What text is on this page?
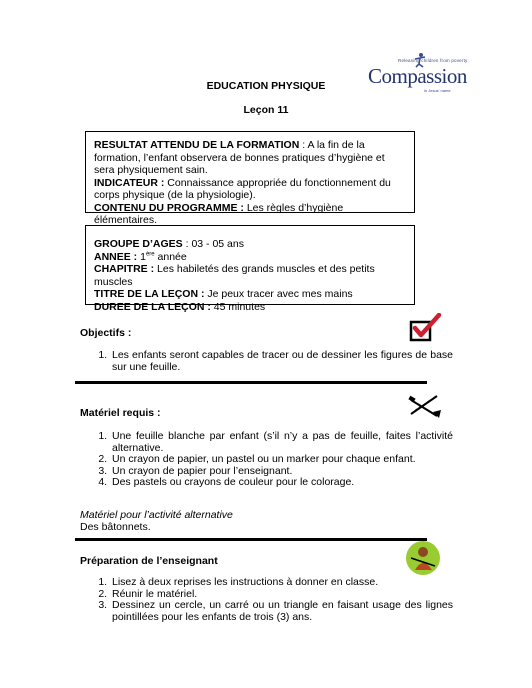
EDUCATION PHYSIQUE
Leçon 11
Releasing children from poverty
Compassion
in Jesus' name
RESULTAT ATTENDU DE LA FORMATION : A la fin de la formation, l’enfant observera de bonnes pratiques d’hygiène et sera physiquement sain.
INDICATEUR : Connaissance appropriée du fonctionnement du corps physique (de la physiologie).
CONTENU DU PROGRAMME : Les règles d’hygiène élémentaires.
GROUPE D’AGES : 03 - 05 ans
ANNEE : 1ère année
CHAPITRE : Les habiletés des grands muscles et des petits muscles
TITRE DE LA LEÇON : Je peux tracer avec mes mains
DUREE DE LA LEÇON : 45 minutes
Objectifs :
1. Les enfants seront capables de tracer ou de dessiner les figures de base sur une feuille.
Matériel requis :
1. Une feuille blanche par enfant (s’il n’y a pas de feuille, faites l’activité alternative.
2. Un crayon de papier, un pastel ou un marker pour chaque enfant.
3. Un crayon de papier pour l’enseignant.
4. Des pastels ou crayons de couleur pour le colorage.
Matériel pour l’activité alternative
Des bâtonnets.
Préparation de l’enseignant
1. Lisez à deux reprises les instructions à donner en classe.
2. Réunir le matériel.
3. Dessinez un cercle, un carré ou un triangle en faisant usage des lignes pointillées pour les enfants de trois (3) ans.
